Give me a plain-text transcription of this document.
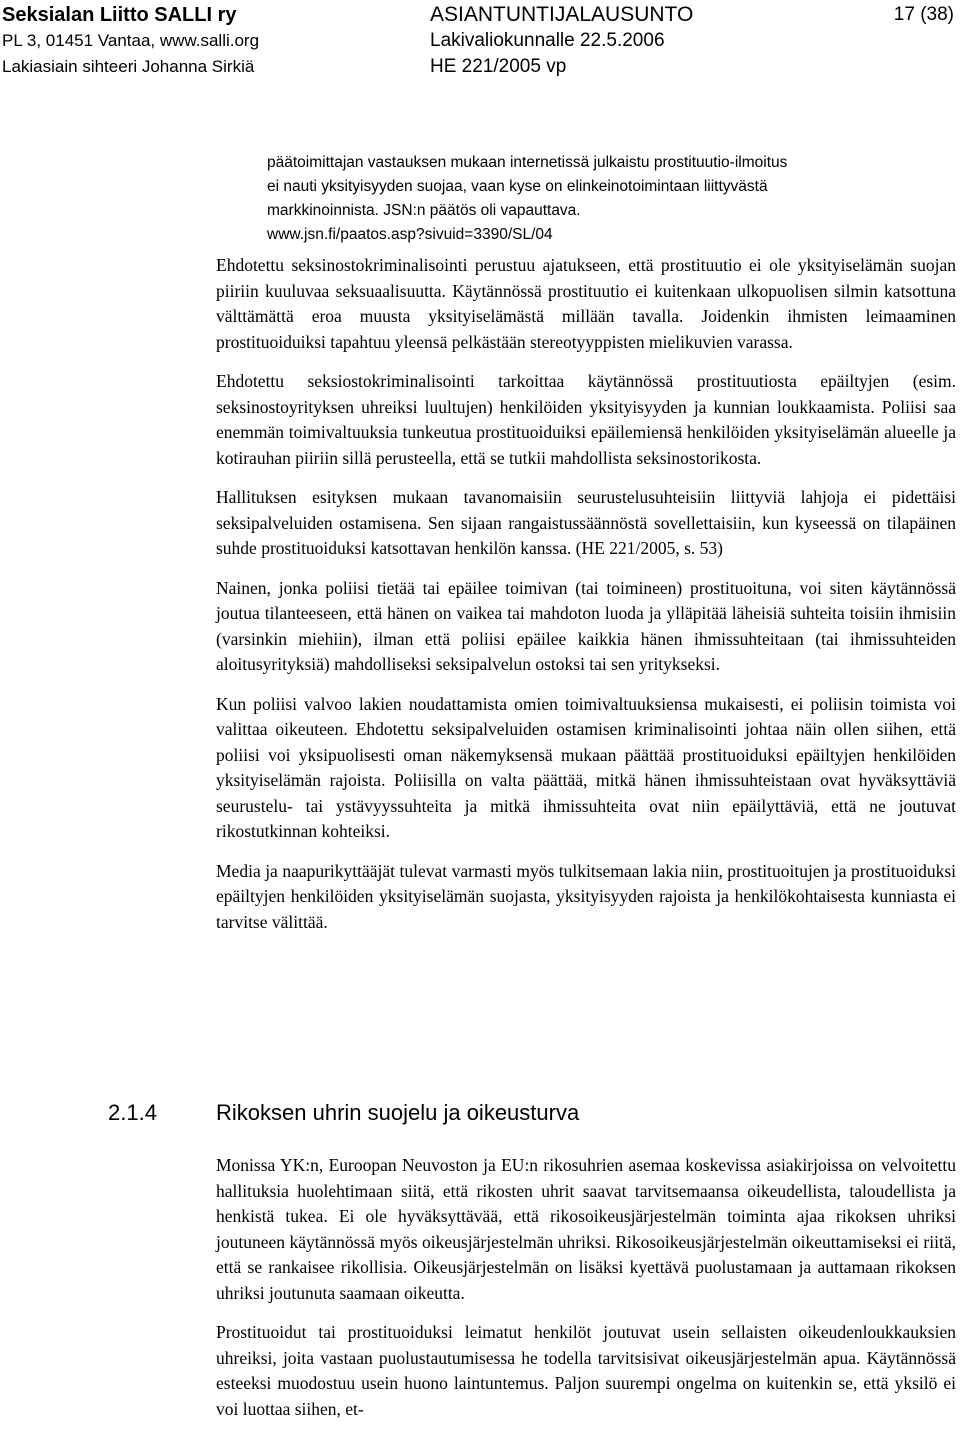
Seksialan Liitto SALLI ry
PL 3, 01451 Vantaa, www.salli.org
Lakiasiain sihteeri Johanna Sirkiä
ASIANTUNTIJALAUSUNTO
Lakivaliokunnalle 22.5.2006
HE 221/2005 vp
17 (38)
päätoimittajan vastauksen mukaan internetissä julkaistu prostituutio-ilmoitus
ei nauti yksityisyyden suojaa, vaan kyse on elinkeinotoimintaan liittyvästä
markkinoinnista. JSN:n päätös oli vapauttava.
www.jsn.fi/paatos.asp?sivuid=3390/SL/04

Ehdotettu seksinostokriminalisointi perustuu ajatukseen, että prostituutio ei ole yksityiselämän suojan piiriin kuuluvaa seksuaalisuutta. Käytännössä prostituutio ei kuitenkaan ulkopuolisen silmin katsottuna välttämättä eroa muusta yksityiselämästä millään tavalla. Joidenkin ihmisten leimaaminen prostituoiduiksi tapahtuu yleensä pelkästään stereotyyppisten mielikuvien varassa.

Ehdotettu seksiostokriminalisointi tarkoittaa käytännössä prostituutiosta epäiltyjen (esim. seksinostoyrityksen uhreiksi luultujen) henkilöiden yksityisyyden ja kunnian loukkaamista. Poliisi saa enemmän toimivaltuuksia tunkeutua prostituoiduiksi epäilemiensä henkilöiden yksityiselämän alueelle ja kotirauhan piiriin sillä perusteella, että se tutkii mahdollista seksinostorikosta.

Hallituksen esityksen mukaan tavanomaisiin seurustelusuhteisiin liittyviä lahjoja ei pidettäisi seksipalveluiden ostamisena. Sen sijaan rangaistussäännöstä sovellettaisiin, kun kyseessä on tilapäinen suhde prostituoiduksi katsottavan henkilön kanssa. (HE 221/2005, s. 53)

Nainen, jonka poliisi tietää tai epäilee toimivan (tai toimineen) prostituoituna, voi siten käytännössä joutua tilanteeseen, että hänen on vaikea tai mahdoton luoda ja ylläpitää läheisiä suhteita toisiin ihmisiin (varsinkin miehiin), ilman että poliisi epäilee kaikkia hänen ihmissuhteitaan (tai ihmissuhteiden aloitusyrityksiä) mahdolliseksi seksipalvelun ostoksi tai sen yritykseksi.

Kun poliisi valvoo lakien noudattamista omien toimivaltuuksiensa mukaisesti, ei poliisin toimista voi valittaa oikeuteen. Ehdotettu seksipalveluiden ostamisen kriminalisointi johtaa näin ollen siihen, että poliisi voi yksipuolisesti oman näkemyksensä mukaan päättää prostituoiduksi epäiltyjen henkilöiden yksityiselämän rajoista. Poliisilla on valta päättää, mitkä hänen ihmissuhteistaan ovat hyväksyttäviä seurustelu- tai ystävyyssuhteita ja mitkä ihmissuhteita ovat niin epäilyttäviä, että ne joutuvat rikostutkinnan kohteiksi.

Media ja naapurikyttääjät tulevat varmasti myös tulkitsemaan lakia niin, prostituoitujen ja prostituoiduksi epäiltyjen henkilöiden yksityiselämän suojasta, yksityisyyden rajoista ja henkilökohtaisesta kunniasta ei tarvitse välittää.

2.1.4	Rikoksen uhrin suojelu ja oikeusturva

Monissa YK:n, Euroopan Neuvoston ja EU:n rikosuhrien asemaa koskevissa asiakirjoissa on velvoitettu hallituksia huolehtimaan siitä, että rikosten uhrit saavat tarvitsemaansa oikeudellista, taloudellista ja henkistä tukea. Ei ole hyväksyttävää, että rikosoikeusjärjestelmän toiminta ajaa rikoksen uhriksi joutuneen käytännössä myös oikeusjärjestelmän uhriksi. Rikosoikeusjärjestelmän oikeuttamiseksi ei riitä, että se rankaisee rikollisia. Oikeusjärjestelmän on lisäksi kyettävä puolustamaan ja auttamaan rikoksen uhriksi joutunuta saamaan oikeutta.

Prostituoidut tai prostituoiduksi leimatut henkilöt joutuvat usein sellaisten oikeudenloukkauksien uhreiksi, joita vastaan puolustautumisessa he todella tarvitsisivat oikeusjärjestelmän apua. Käytännössä esteeksi muodostuu usein huono laintuntemus. Paljon suurempi ongelma on kuitenkin se, että yksilö ei voi luottaa siihen, et-
